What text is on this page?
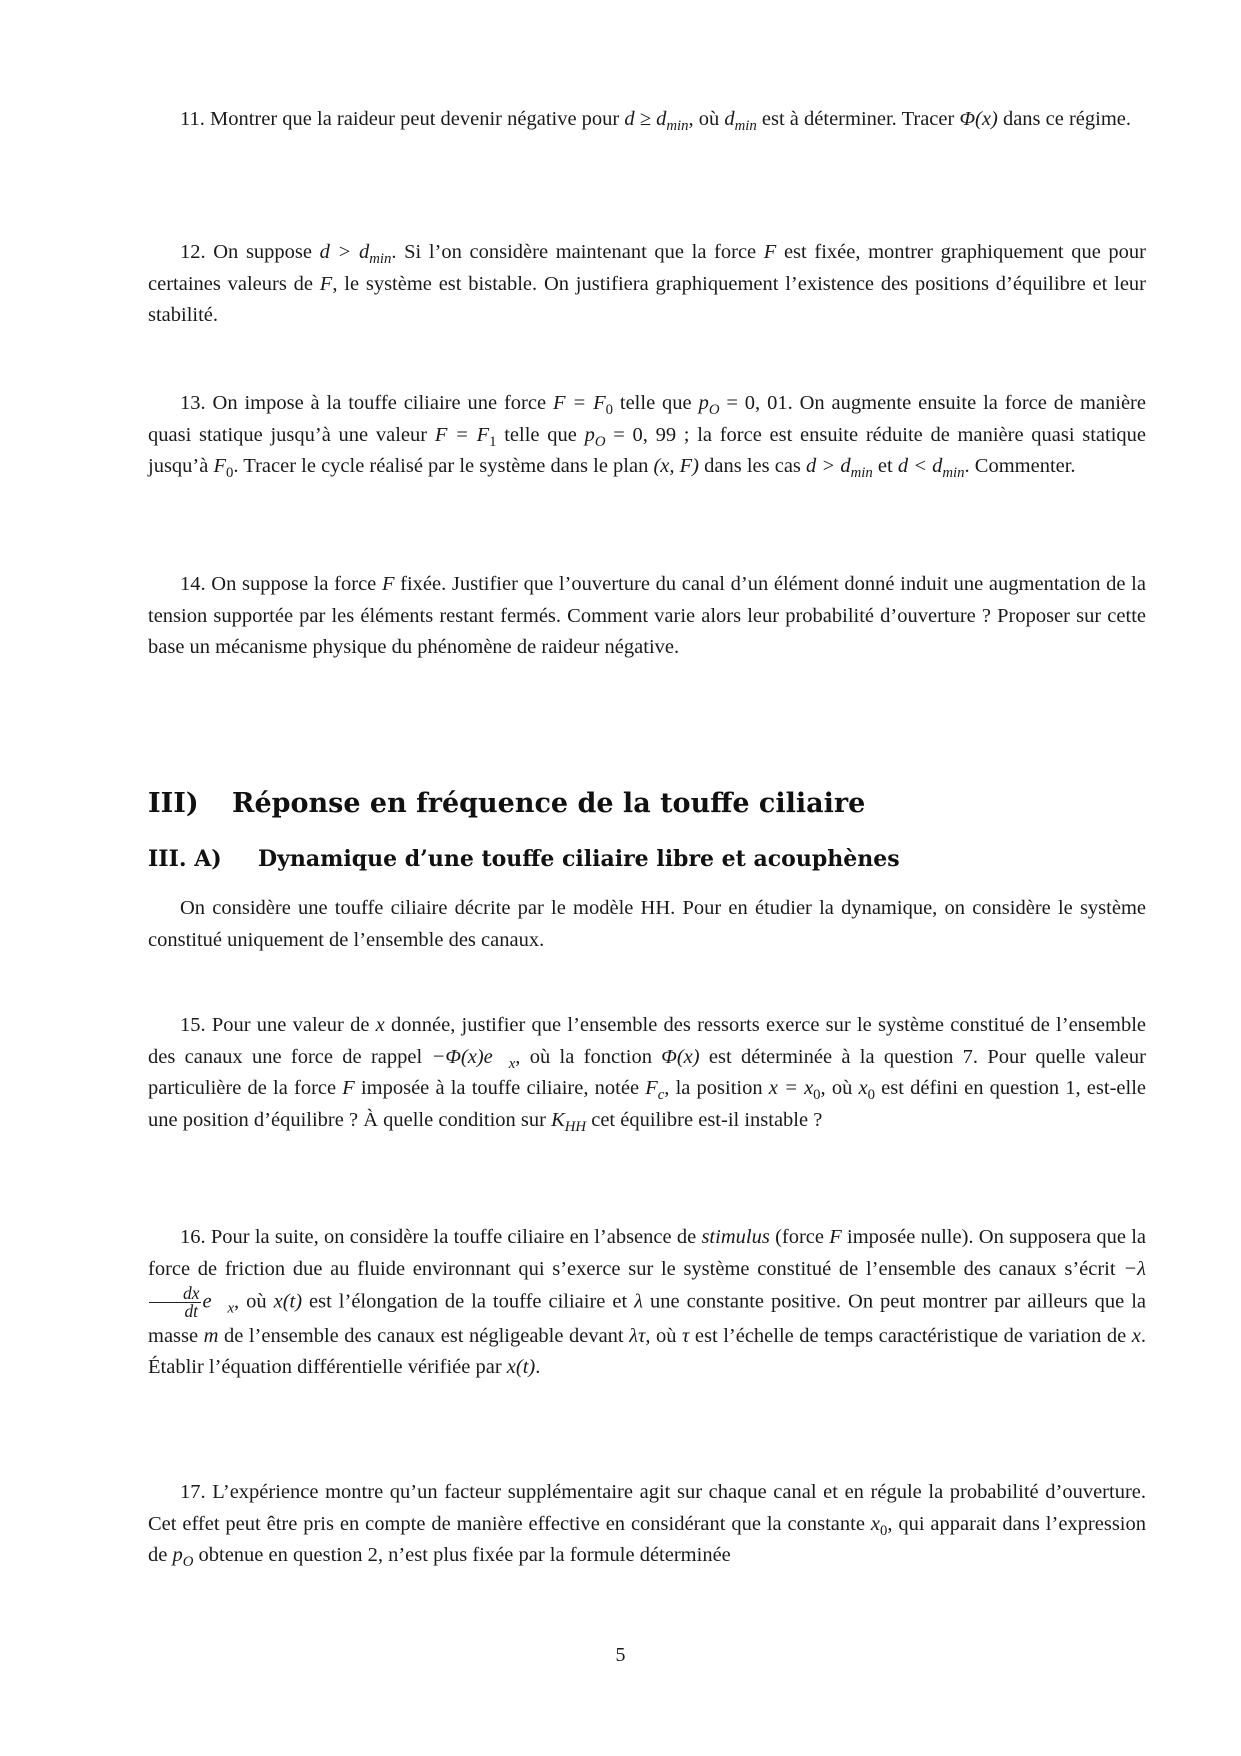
11. Montrer que la raideur peut devenir négative pour $d \ge d_{min}$, où $d_{min}$ est à déterminer. Tracer Φ(x) dans ce régime.

12. On suppose $d > d_{min}$. Si l’on considère maintenant que la force F est fixée, montrer graphiquement que pour certaines valeurs de F, le système est bistable. On justifiera graphiquement l’existence des positions d’équilibre et leur stabilité.

13. On impose à la touffe ciliaire une force $F = F_0$ telle que $p_O = 0$, 01. On augmente ensuite la force de manière quasi statique jusqu’à une valeur $F = F_1$ telle que $p_O = 0$, 99 ; la force est ensuite réduite de manière quasi statique jusqu’à $F_0$. Tracer le cycle réalisé par le système dans le plan (x, F) dans les cas $d > d_{min}$ et $d < d_{min}$. Commenter.

14. On suppose la force F fixée. Justifier que l’ouverture du canal d’un élément donné induit une augmentation de la tension supportée par les éléments restant fermés. Comment varie alors leur probabilité d’ouverture ? Proposer sur cette base un mécanisme physique du phénomène de raideur négative.

III) Réponse en fréquence de la touffe ciliaire
III. A) Dynamique d’une touffe ciliaire libre et acouphènes

On considère une touffe ciliaire décrite par le modèle HH. Pour en étudier la dynamique, on considère le système constitué uniquement de l’ensemble des canaux.

15. Pour une valeur de x donnée, justifier que l’ensemble des ressorts exerce sur le système constitué de l’ensemble des canaux une force de rappel $-\Phi(x)e⃗_x$, où la fonction Φ(x) est déterminée à la question 7. Pour quelle valeur particulière de la force F imposée à la touffe ciliaire, notée $F_c$, la position $x = x_0$, où $x_0$ est défini en question 1, est-elle une position d’équilibre ? À quelle condition sur $K_{HH}$ cet équilibre est-il instable ?

16. Pour la suite, on considère la touffe ciliaire en l’absence de stimulus (force F imposée nulle). On supposera que la force de friction due au fluide environnant qui s’exerce sur le système constitué de l’ensemble des canaux s’écrit −λ
$\frac{dx}{dt}$ $e⃗_x$, où x(t) est l’élongation de la touffe ciliaire et λ une constante positive. On peut montrer par ailleurs que la masse m de l’ensemble des canaux est négligeable devant λτ, où τ est l’échelle de temps caractéristique de variation de x. Établir l’équation différentielle vérifiée par x(t).

17. L’expérience montre qu’un facteur supplémentaire agit sur chaque canal et en régule la probabilité d’ouverture. Cet effet peut être pris en compte de manière effective en considérant que la constante $x_0$, qui apparait dans l’expression de $p_O$ obtenue en question 2, n’est plus fixée par la formule déterminée

5
